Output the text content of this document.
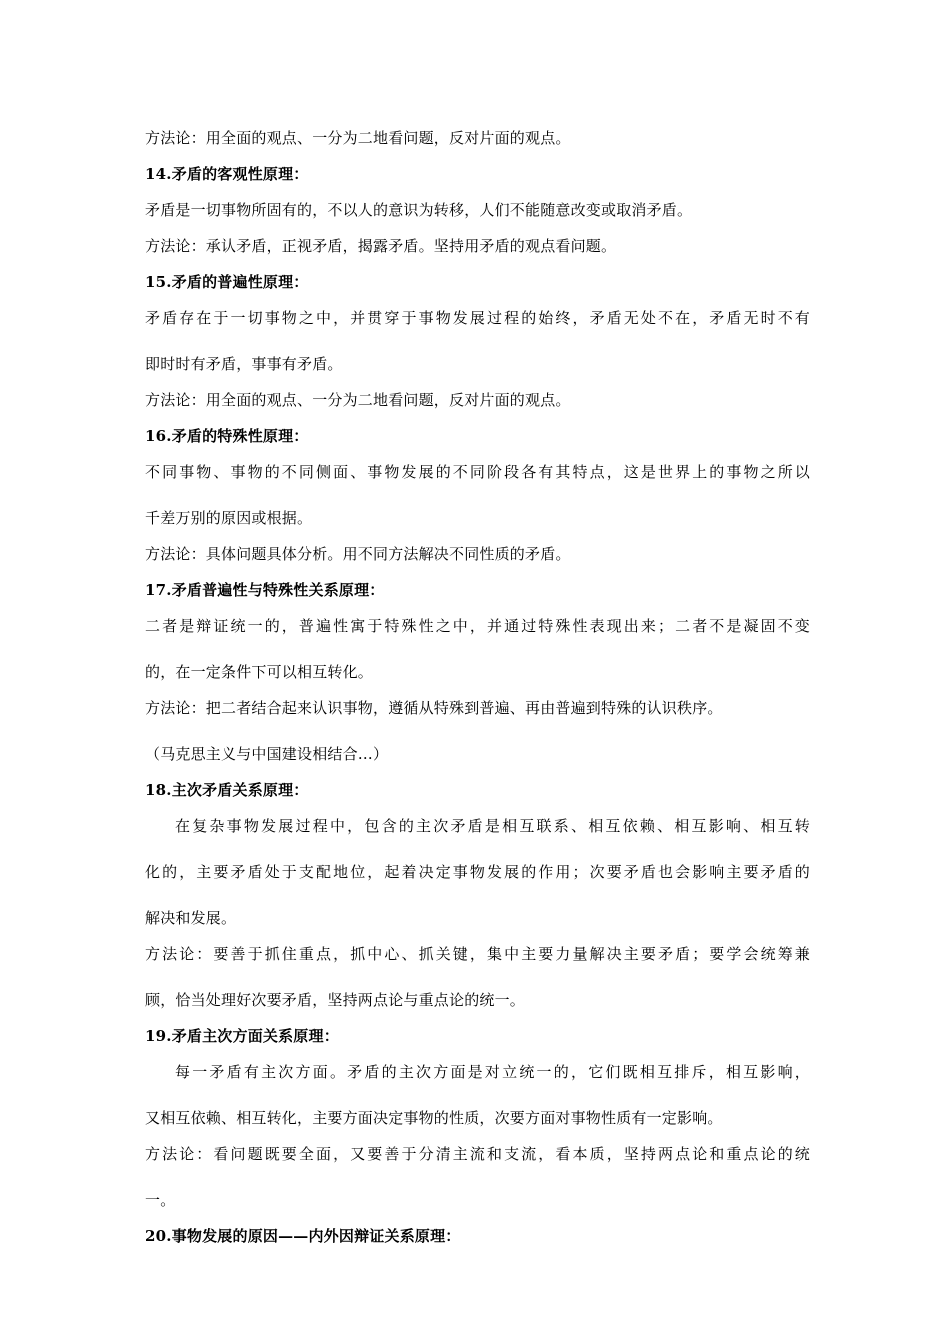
方法论：用全面的观点、一分为二地看问题，反对片面的观点。
14.矛盾的客观性原理：
矛盾是一切事物所固有的，不以人的意识为转移，人们不能随意改变或取消矛盾。
方法论：承认矛盾，正视矛盾，揭露矛盾。坚持用矛盾的观点看问题。
15.矛盾的普遍性原理：
矛盾存在于一切事物之中，并贯穿于事物发展过程的始终，矛盾无处不在，矛盾无时不有
即时时有矛盾，事事有矛盾。
方法论：用全面的观点、一分为二地看问题，反对片面的观点。
16.矛盾的特殊性原理：
不同事物、事物的不同侧面、事物发展的不同阶段各有其特点，这是世界上的事物之所以
千差万别的原因或根据。
方法论：具体问题具体分析。用不同方法解决不同性质的矛盾。
17.矛盾普遍性与特殊性关系原理：
二者是辩证统一的，普遍性寓于特殊性之中，并通过特殊性表现出来；二者不是凝固不变
的，在一定条件下可以相互转化。
方法论：把二者结合起来认识事物，遵循从特殊到普遍、再由普遍到特殊的认识秩序。
（马克思主义与中国建设相结合…）
18.主次矛盾关系原理：
在复杂事物发展过程中，包含的主次矛盾是相互联系、相互依赖、相互影响、相互转
化的，主要矛盾处于支配地位，起着决定事物发展的作用；次要矛盾也会影响主要矛盾的
解决和发展。
方法论：要善于抓住重点，抓中心、抓关键，集中主要力量解决主要矛盾；要学会统筹兼
顾，恰当处理好次要矛盾，坚持两点论与重点论的统一。
19.矛盾主次方面关系原理：
每一矛盾有主次方面。矛盾的主次方面是对立统一的，它们既相互排斥，相互影响，
又相互依赖、相互转化，主要方面决定事物的性质，次要方面对事物性质有一定影响。
方法论：看问题既要全面，又要善于分清主流和支流，看本质，坚持两点论和重点论的统
一。
20.事物发展的原因——内外因辩证关系原理：
